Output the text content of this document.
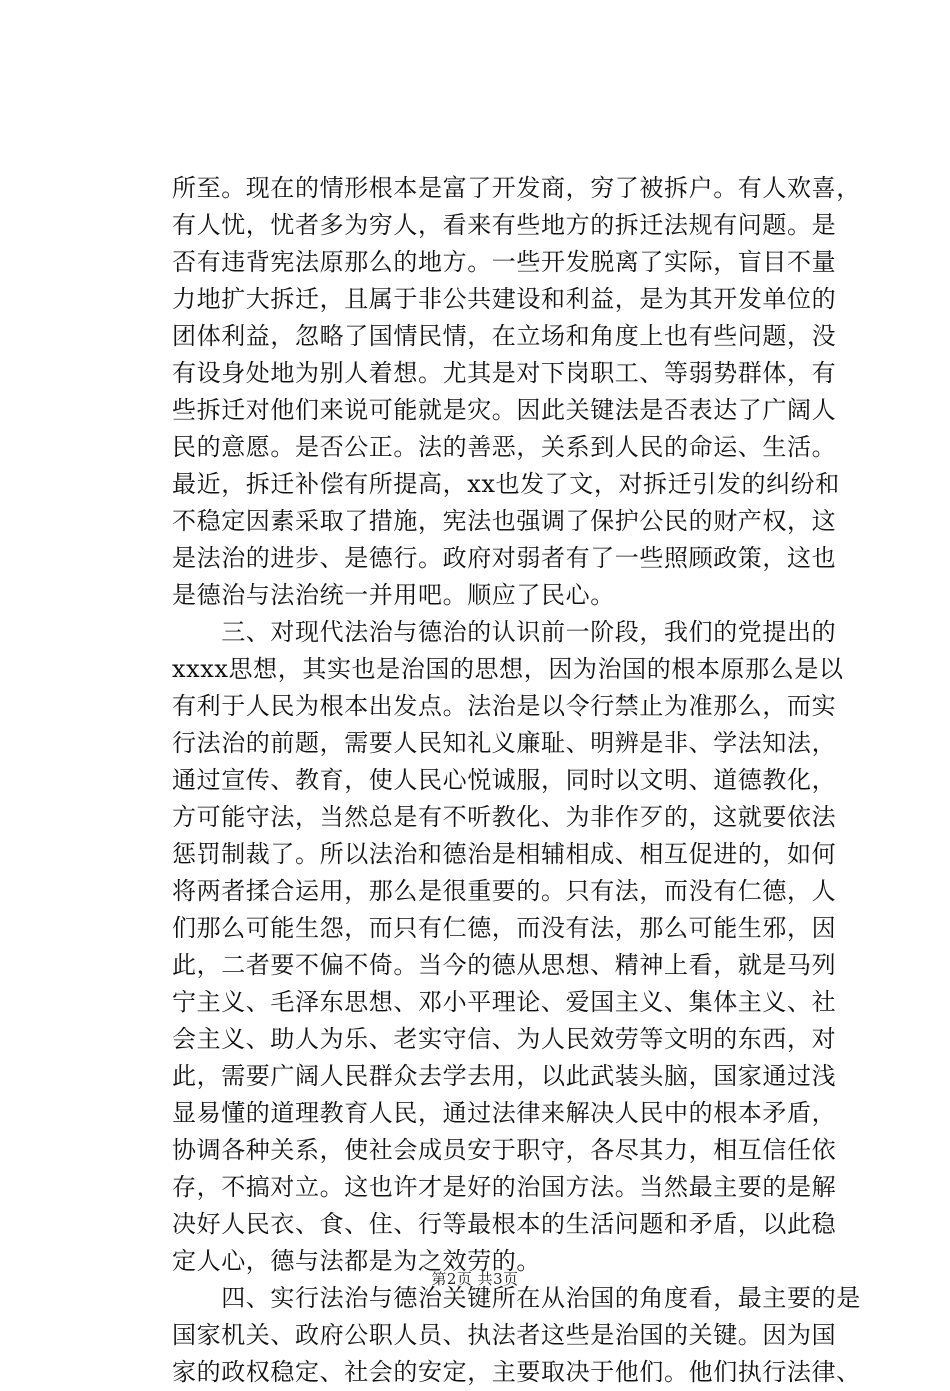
所至。现在的情形根本是富了开发商，穷了被拆户。有人欢喜，
有人忧，忧者多为穷人，看来有些地方的拆迁法规有问题。是
否有违背宪法原那么的地方。一些开发脱离了实际，盲目不量
力地扩大拆迁，且属于非公共建设和利益，是为其开发单位的
团体利益，忽略了国情民情，在立场和角度上也有些问题，没
有设身处地为别人着想。尤其是对下岗职工、等弱势群体，有
些拆迁对他们来说可能就是灾。因此关键法是否表达了广阔人
民的意愿。是否公正。法的善恶，关系到人民的命运、生活。
最近，拆迁补偿有所提高，xx也发了文，对拆迁引发的纠纷和
不稳定因素采取了措施，宪法也强调了保护公民的财产权，这
是法治的进步、是德行。政府对弱者有了一些照顾政策，这也
是德治与法治统一并用吧。顺应了民心。
　　三、对现代法治与德治的认识前一阶段，我们的党提出的
xxxx思想，其实也是治国的思想，因为治国的根本原那么是以
有利于人民为根本出发点。法治是以令行禁止为准那么，而实
行法治的前题，需要人民知礼义廉耻、明辨是非、学法知法，
通过宣传、教育，使人民心悦诚服，同时以文明、道德教化，
方可能守法，当然总是有不听教化、为非作歹的，这就要依法
惩罚制裁了。所以法治和德治是相辅相成、相互促进的，如何
将两者揉合运用，那么是很重要的。只有法，而没有仁德，人
们那么可能生怨，而只有仁德，而没有法，那么可能生邪，因
此，二者要不偏不倚。当今的德从思想、精神上看，就是马列
宁主义、毛泽东思想、邓小平理论、爱国主义、集体主义、社
会主义、助人为乐、老实守信、为人民效劳等文明的东西，对
此，需要广阔人民群众去学去用，以此武装头脑，国家通过浅
显易懂的道理教育人民，通过法律来解决人民中的根本矛盾，
协调各种关系，使社会成员安于职守，各尽其力，相互信任依
存，不搞对立。这也许才是好的治国方法。当然最主要的是解
决好人民衣、食、住、行等最根本的生活问题和矛盾，以此稳
定人心，德与法都是为之效劳的。
　　四、实行法治与德治关键所在从治国的角度看，最主要的是
国家机关、政府公职人员、执法者这些是治国的关键。因为国
家的政权稳定、社会的安定，主要取决于他们。他们执行法律、
第2页 共3页
